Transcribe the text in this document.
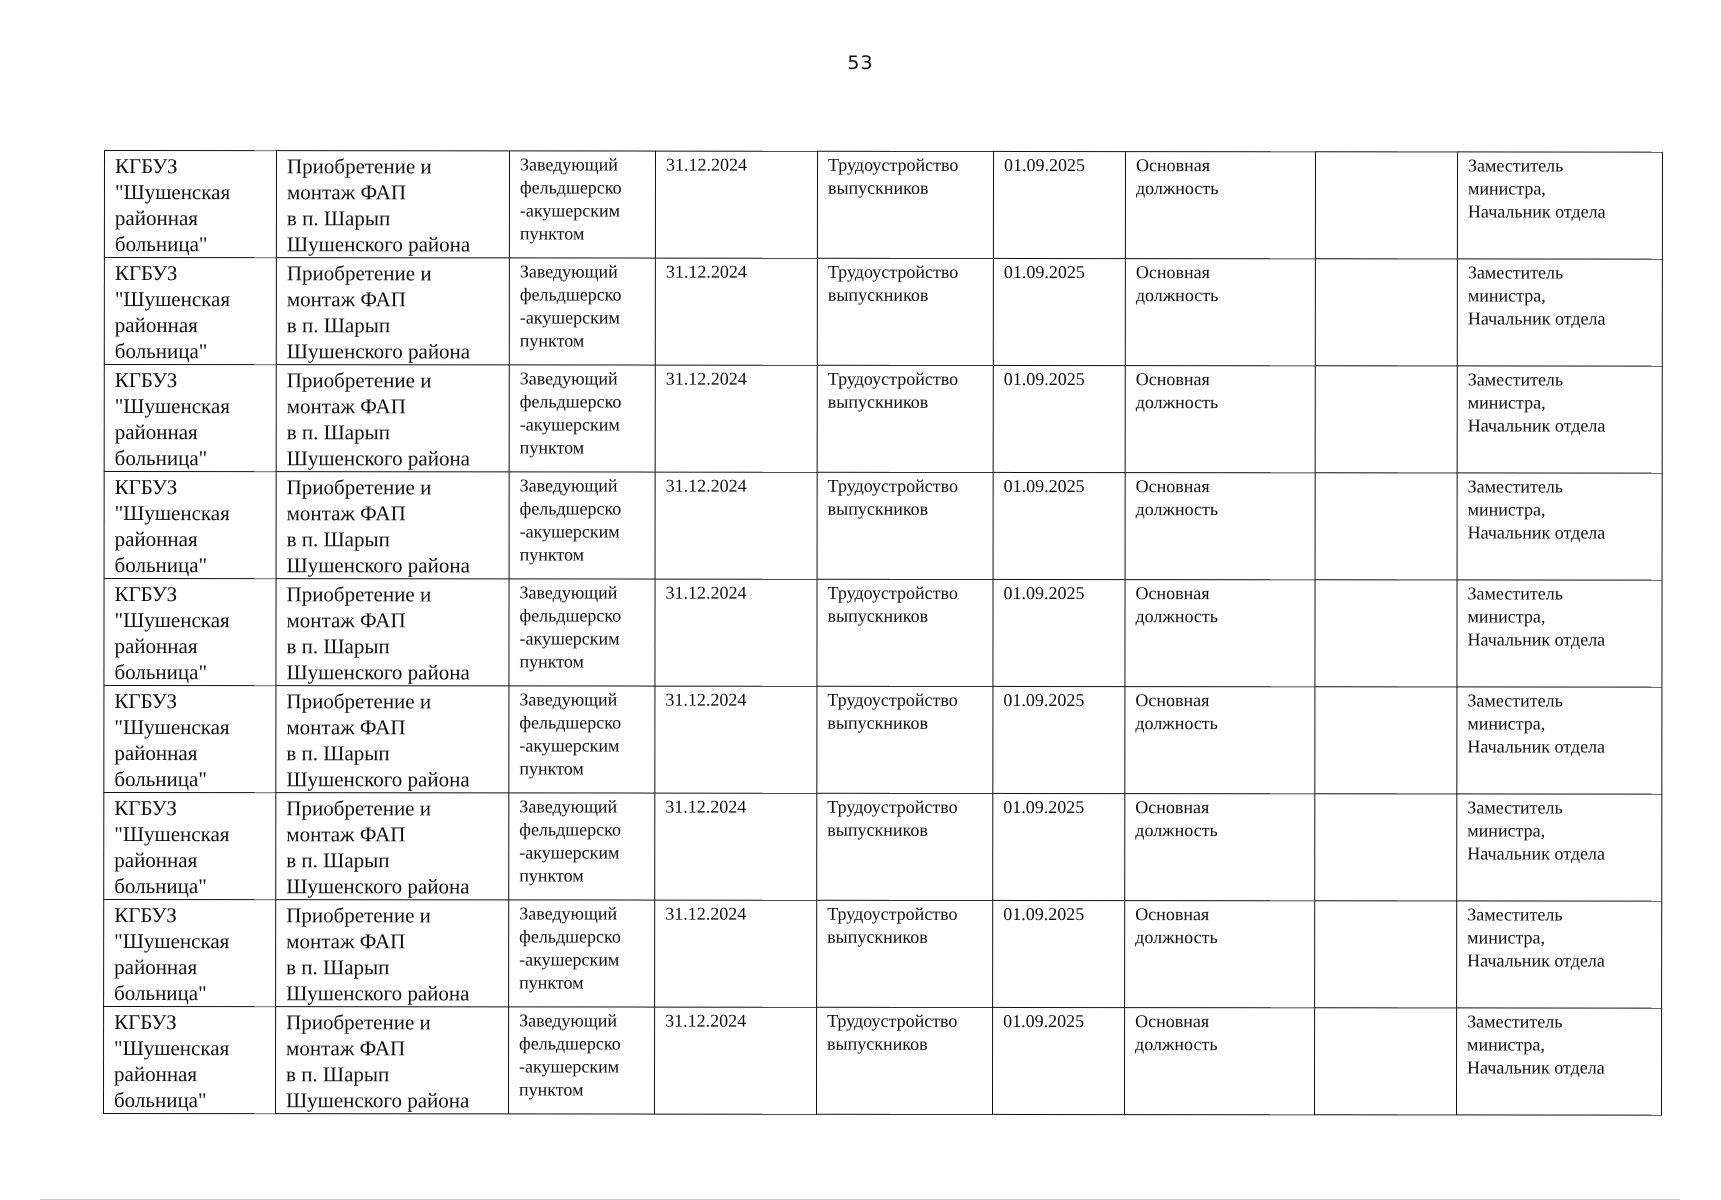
53
КГБУЗ
"Шушенская
районная
больница"	Приобретение и
монтаж ФАП
в п. Шарып
Шушенского района	Заведующий
фельдшерско
-акушерским
пунктом	31.12.2024	Трудоустройство
выпускников	01.09.2025	Основная
должность		Заместитель
министра,
Начальник отдела

КГБУЗ
"Шушенская
районная
больница"	Приобретение и
монтаж ФАП
в п. Шарып
Шушенского района	Заведующий
фельдшерско
-акушерским
пунктом	31.12.2024	Трудоустройство
выпускников	01.09.2025	Основная
должность		Заместитель
министра,
Начальник отдела

КГБУЗ
"Шушенская
районная
больница"	Приобретение и
монтаж ФАП
в п. Шарып
Шушенского района	Заведующий
фельдшерско
-акушерским
пунктом	31.12.2024	Трудоустройство
выпускников	01.09.2025	Основная
должность		Заместитель
министра,
Начальник отдела

КГБУЗ
"Шушенская
районная
больница"	Приобретение и
монтаж ФАП
в п. Шарып
Шушенского района	Заведующий
фельдшерско
-акушерским
пунктом	31.12.2024	Трудоустройство
выпускников	01.09.2025	Основная
должность		Заместитель
министра,
Начальник отдела

КГБУЗ
"Шушенская
районная
больница"	Приобретение и
монтаж ФАП
в п. Шарып
Шушенского района	Заведующий
фельдшерско
-акушерским
пунктом	31.12.2024	Трудоустройство
выпускников	01.09.2025	Основная
должность		Заместитель
министра,
Начальник отдела

КГБУЗ
"Шушенская
районная
больница"	Приобретение и
монтаж ФАП
в п. Шарып
Шушенского района	Заведующий
фельдшерско
-акушерским
пунктом	31.12.2024	Трудоустройство
выпускников	01.09.2025	Основная
должность		Заместитель
министра,
Начальник отдела

КГБУЗ
"Шушенская
районная
больница"	Приобретение и
монтаж ФАП
в п. Шарып
Шушенского района	Заведующий
фельдшерско
-акушерским
пунктом	31.12.2024	Трудоустройство
выпускников	01.09.2025	Основная
должность		Заместитель
министра,
Начальник отдела

КГБУЗ
"Шушенская
районная
больница"	Приобретение и
монтаж ФАП
в п. Шарып
Шушенского района	Заведующий
фельдшерско
-акушерским
пунктом	31.12.2024	Трудоустройство
выпускников	01.09.2025	Основная
должность		Заместитель
министра,
Начальник отдела

КГБУЗ
"Шушенская
районная
больница"	Приобретение и
монтаж ФАП
в п. Шарып
Шушенского района	Заведующий
фельдшерско
-акушерским
пунктом	31.12.2024	Трудоустройство
выпускников	01.09.2025	Основная
должность		Заместитель
министра,
Начальник отдела
